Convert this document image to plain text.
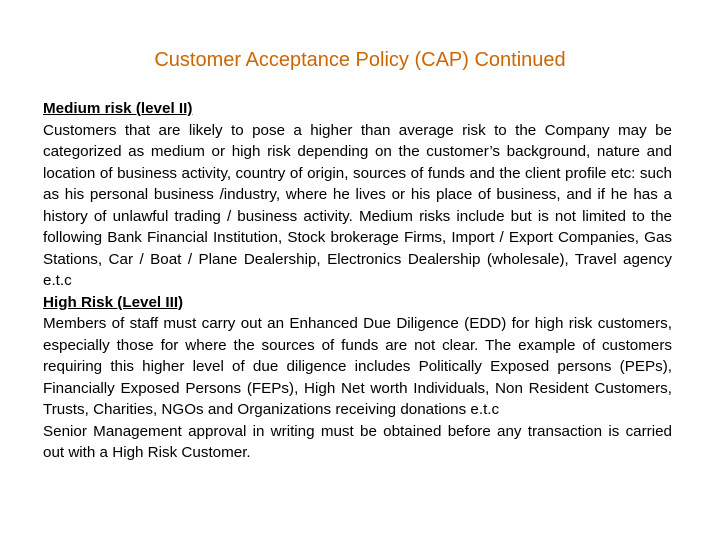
Customer Acceptance Policy (CAP) Continued

Medium risk (level II)

Customers that are likely to pose a higher than average risk to the Company may be categorized as medium or high risk depending on the customer’s background, nature and location of business activity, country of origin, sources of funds and the client profile etc: such as his personal business /industry, where he lives or his place of business, and if he has a history of unlawful trading / business activity. Medium risks include but is not limited to the following Bank Financial Institution, Stock brokerage Firms, Import / Export Companies, Gas Stations, Car / Boat / Plane Dealership, Electronics Dealership (wholesale), Travel agency e.t.c

High Risk (Level III)

Members of staff must carry out an Enhanced Due Diligence (EDD) for high risk customers, especially those for where the sources of funds are not clear. The example of customers requiring this higher level of due diligence includes Politically Exposed persons (PEPs), Financially Exposed Persons (FEPs), High Net worth Individuals, Non Resident Customers, Trusts, Charities, NGOs and Organizations receiving donations e.t.c

Senior Management approval in writing must be obtained before any transaction is carried out with a High Risk Customer.
